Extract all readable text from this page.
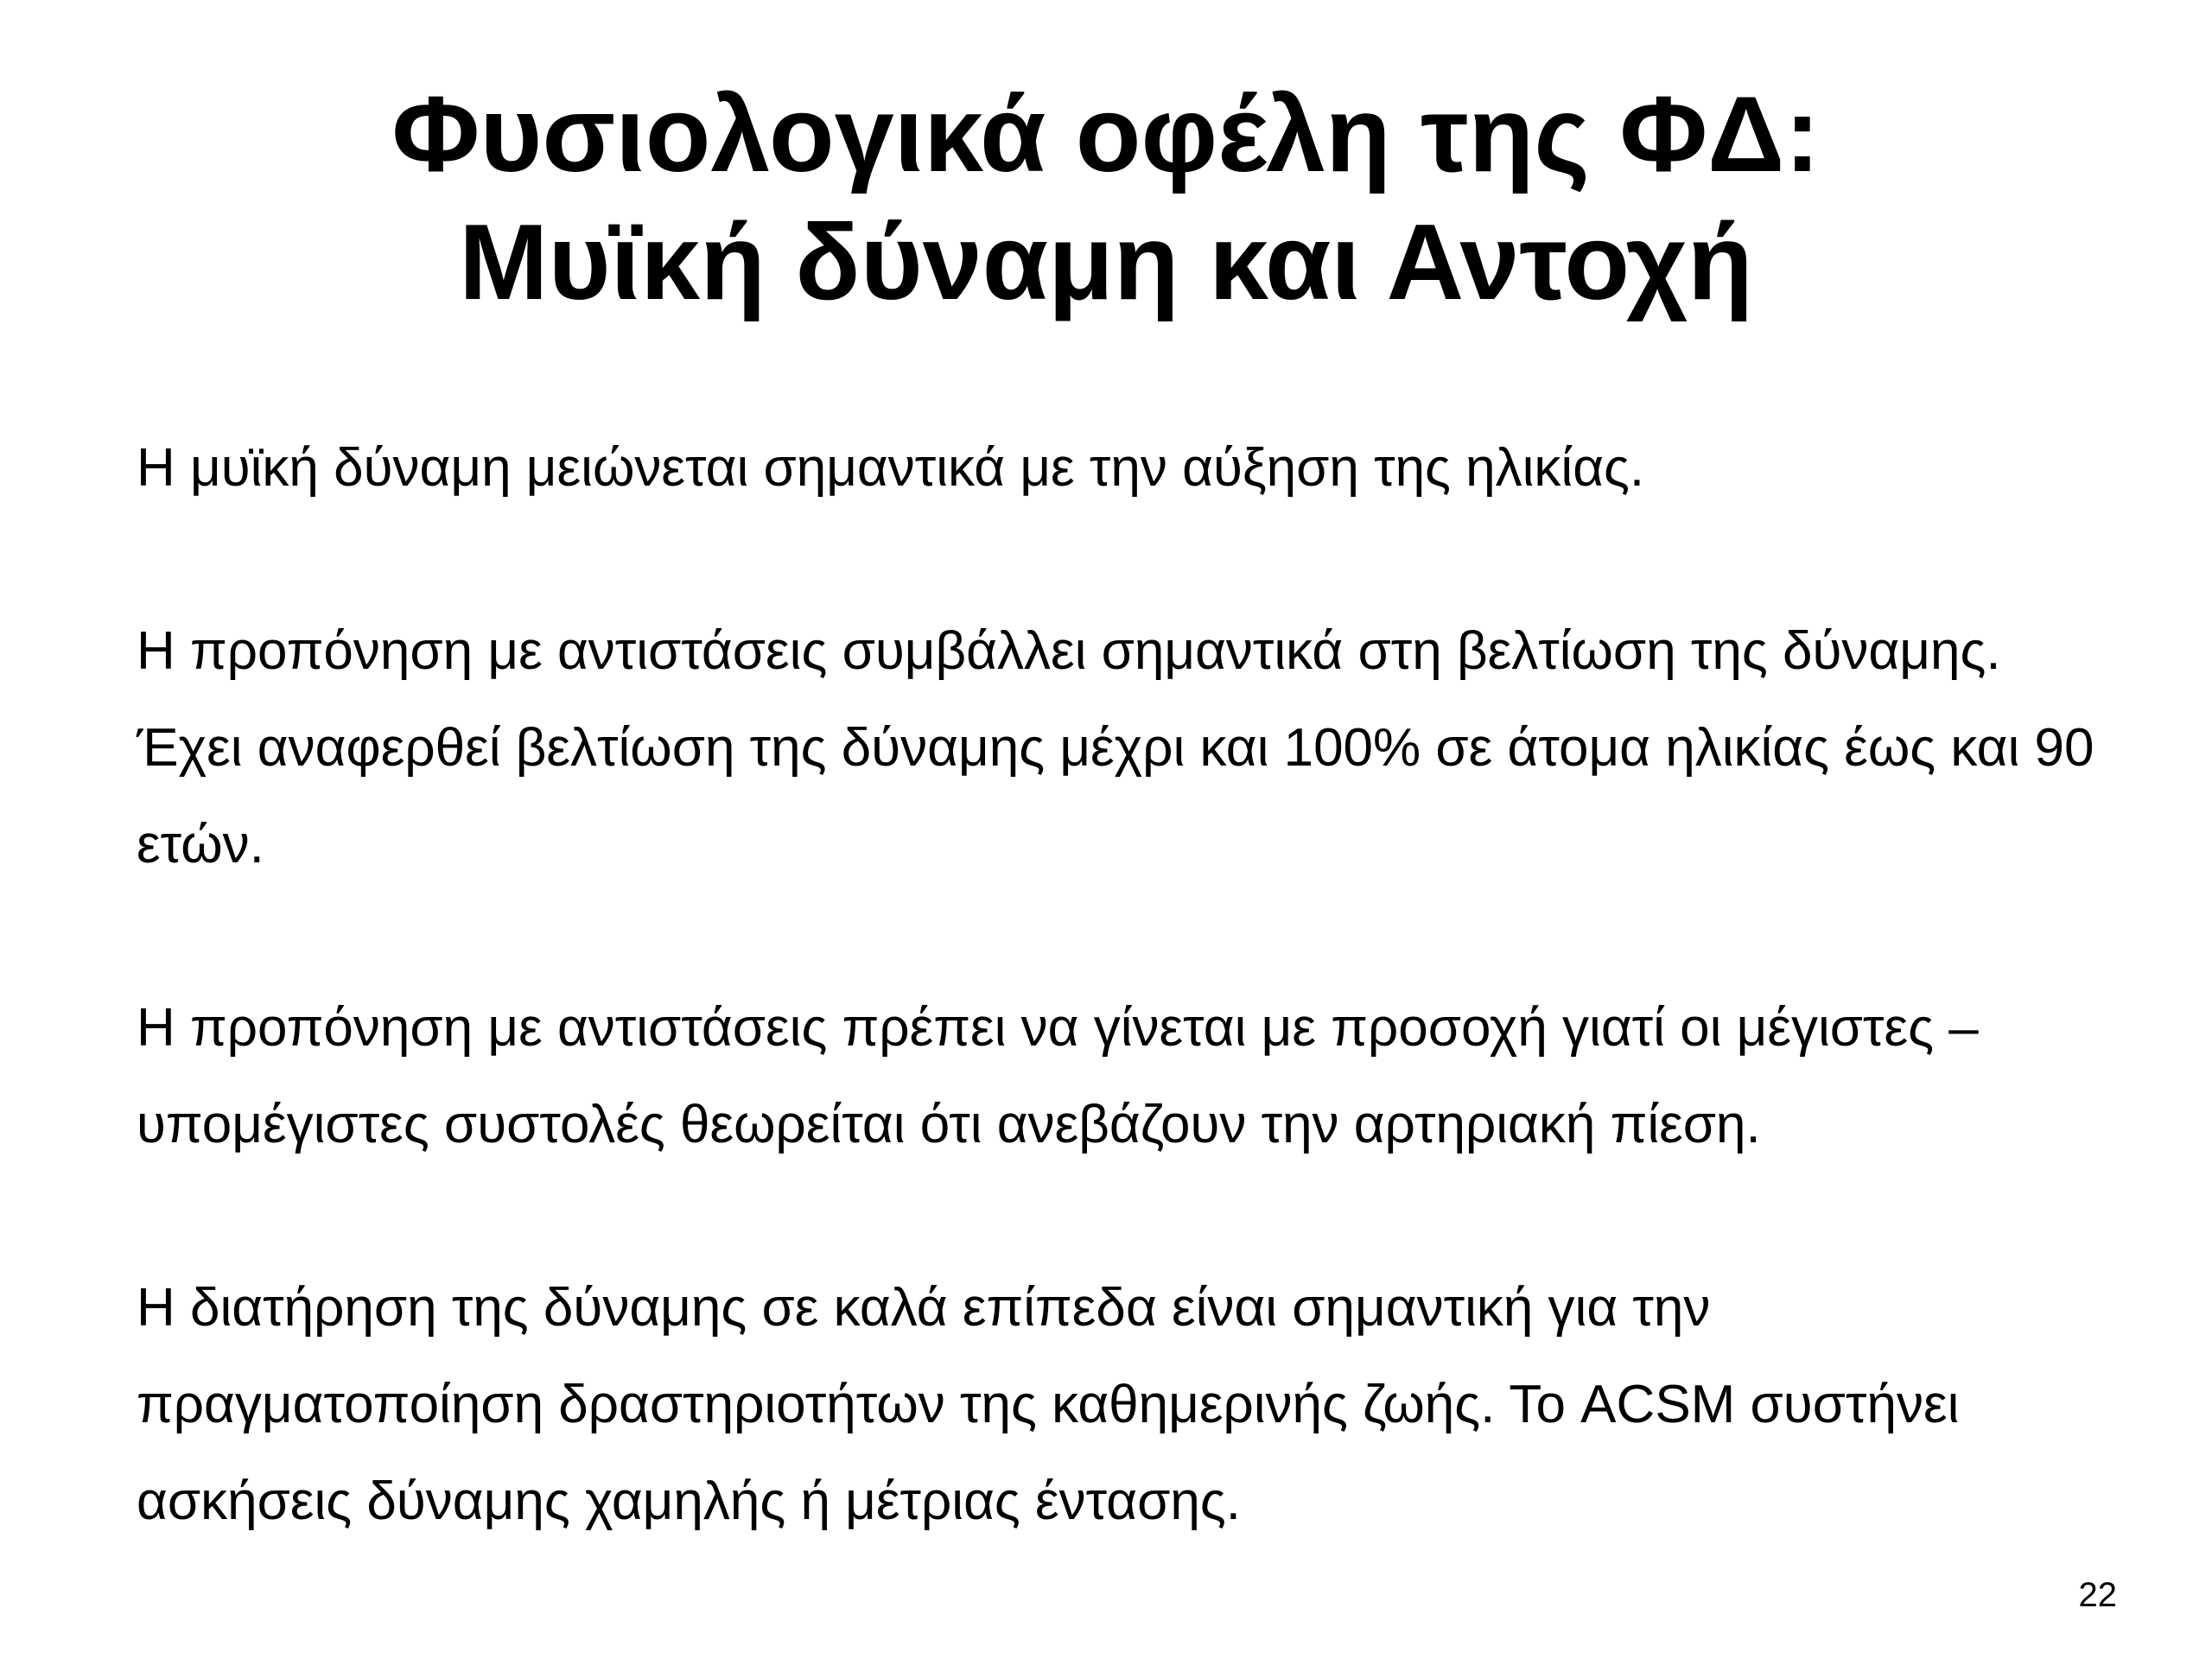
Φυσιολογικά οφέλη της ΦΔ:
Μυϊκή δύναμη και Αντοχή

Η μυϊκή δύναμη μειώνεται σημαντικά με την αύξηση της ηλικίας.

Η προπόνηση με αντιστάσεις συμβάλλει σημαντικά στη βελτίωση της δύναμης. Έχει αναφερθεί βελτίωση της δύναμης μέχρι και 100% σε άτομα ηλικίας έως και 90 ετών.

Η προπόνηση με αντιστάσεις πρέπει να γίνεται με προσοχή γιατί οι μέγιστες – υπομέγιστες συστολές θεωρείται ότι ανεβάζουν την αρτηριακή πίεση.

Η διατήρηση της δύναμης σε καλά επίπεδα είναι σημαντική για την πραγματοποίηση δραστηριοτήτων της καθημερινής ζωής. Το ACSM συστήνει ασκήσεις δύναμης χαμηλής ή μέτριας έντασης.

22
